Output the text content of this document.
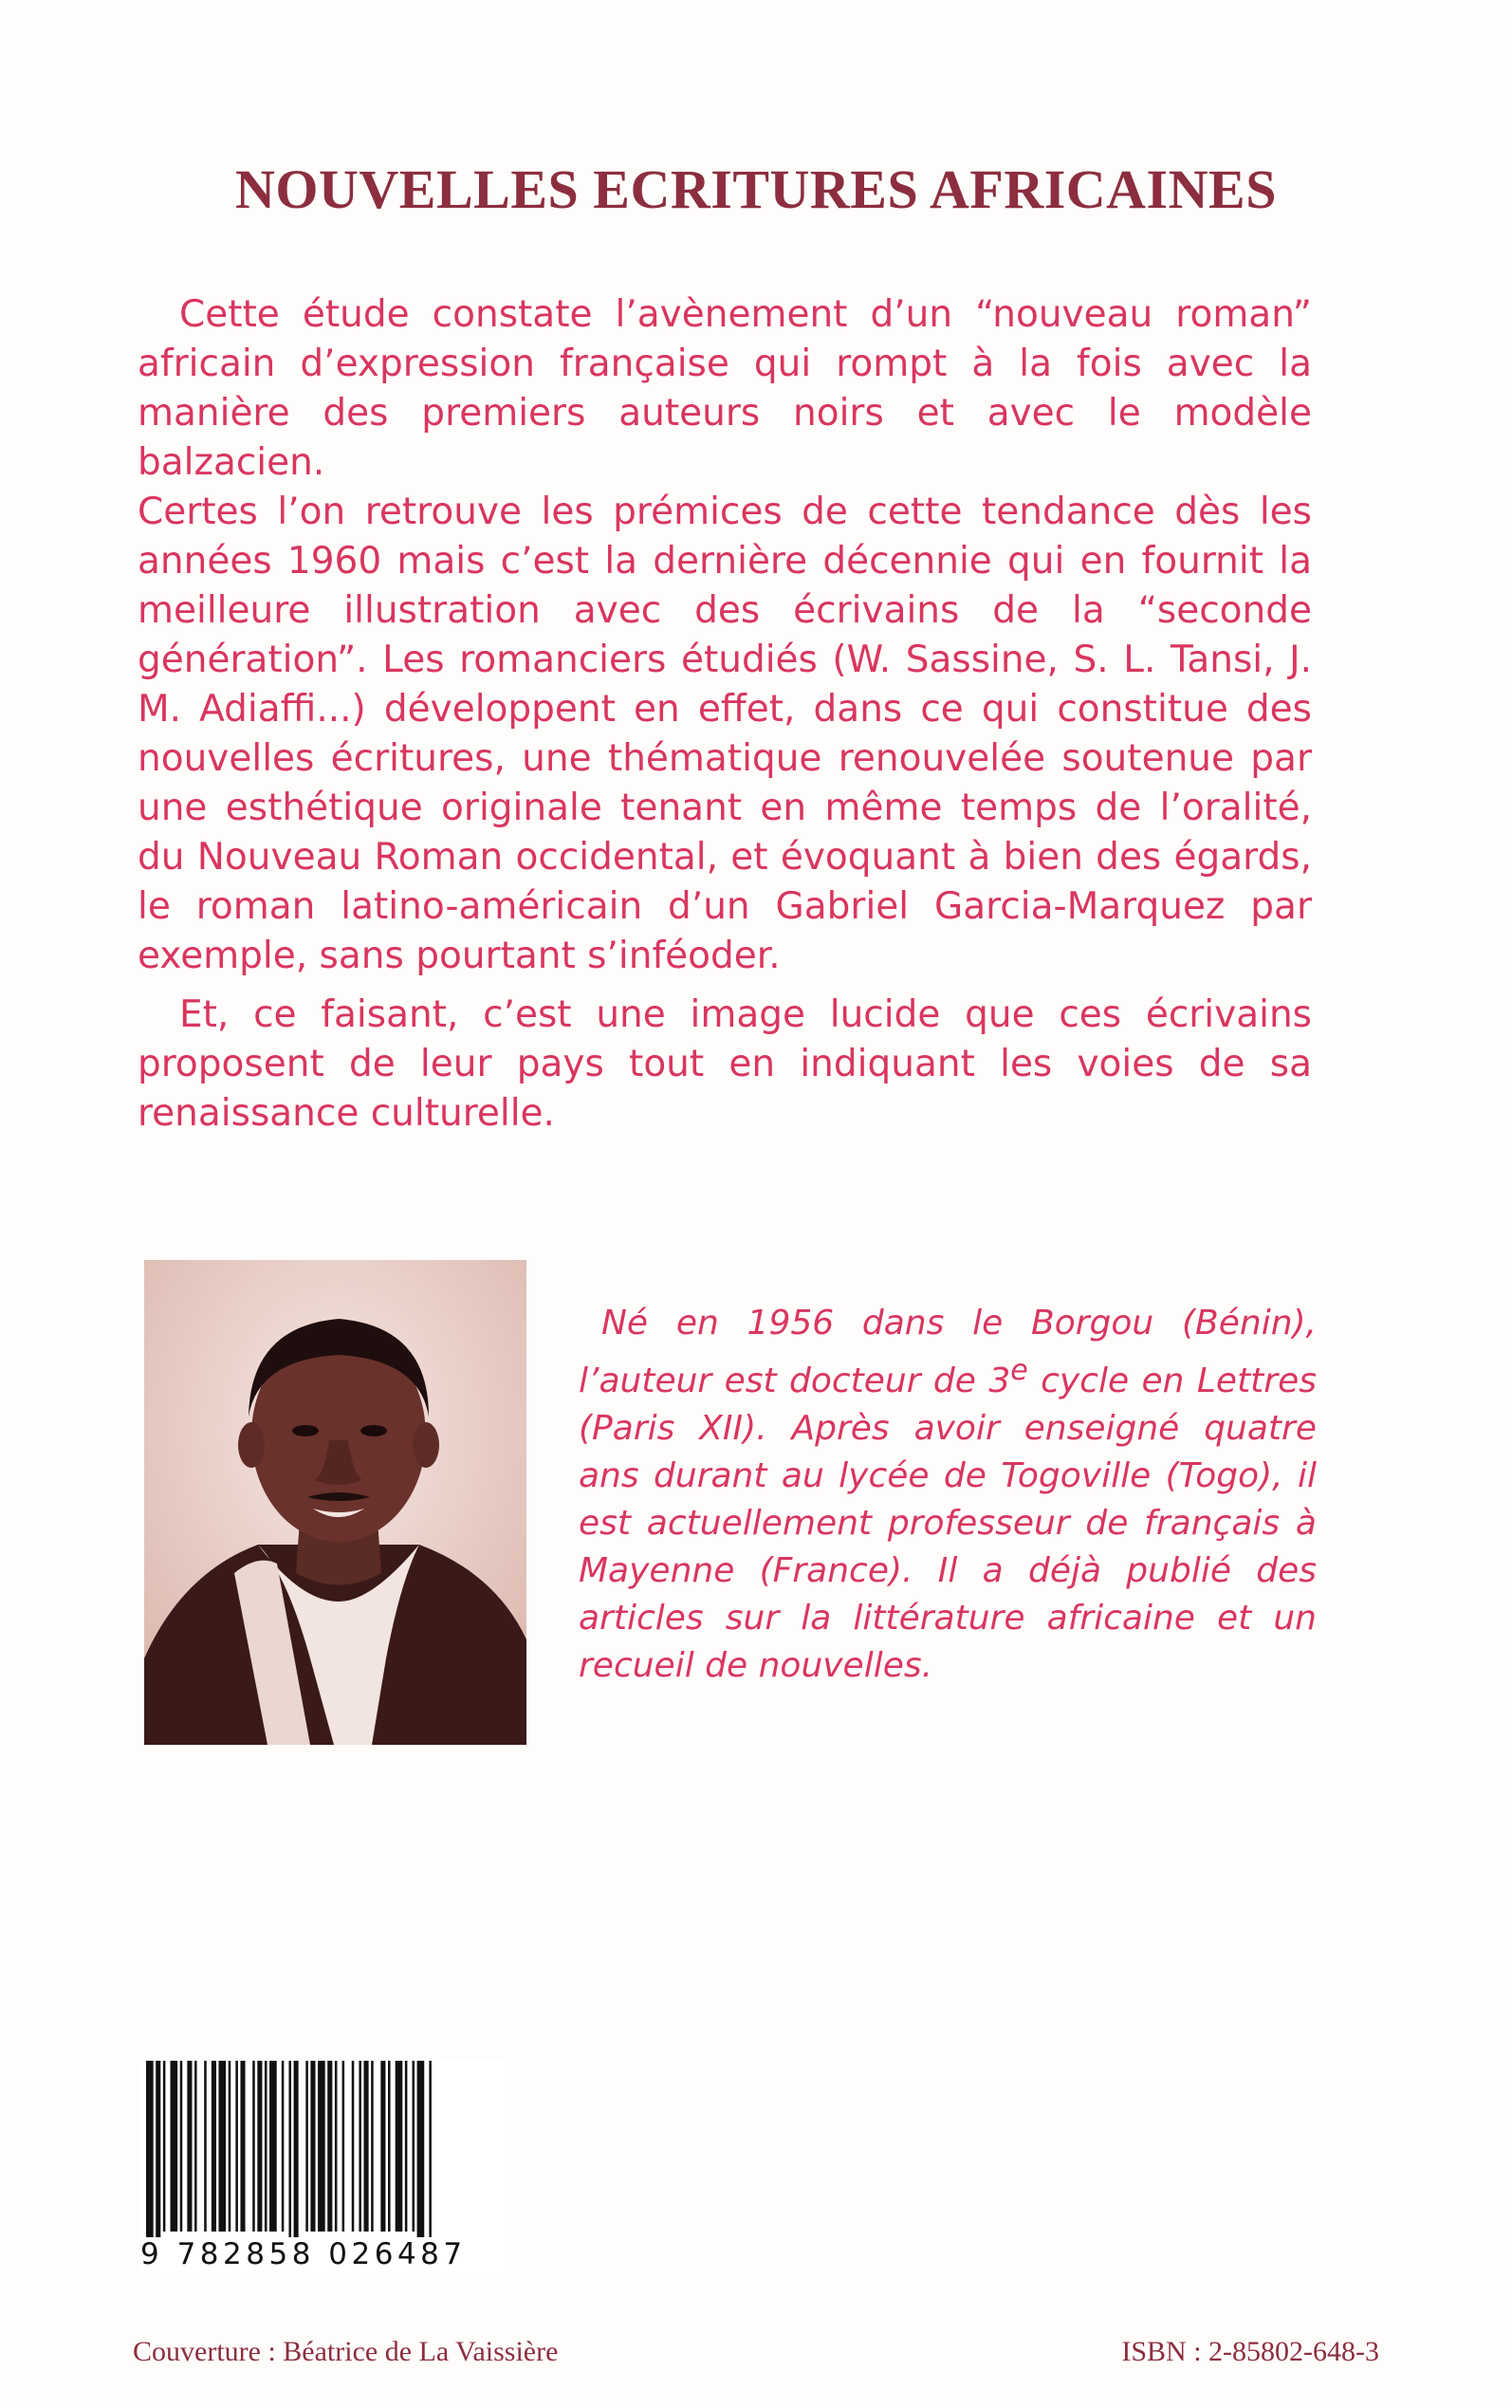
NOUVELLES ECRITURES AFRICAINES

Cette étude constate l’avènement d’un “nouveau roman” africain d’expression française qui rompt à la fois avec la manière des premiers auteurs noirs et avec le modèle balzacien.

Certes l’on retrouve les prémices de cette tendance dès les années 1960 mais c’est la dernière décennie qui en fournit la meilleure illustration avec des écrivains de la “seconde génération”. Les romanciers étudiés (W. Sassine, S. L. Tansi, J. M. Adiaffi...) développent en effet, dans ce qui constitue des nouvelles écritures, une thématique renouvelée soutenue par une esthétique originale tenant en même temps de l’oralité, du Nouveau Roman occidental, et évoquant à bien des égards, le roman latino-américain d’un Gabriel Garcia-Marquez par exemple, sans pourtant s’inféoder.

Et, ce faisant, c’est une image lucide que ces écrivains proposent de leur pays tout en indiquant les voies de sa renaissance culturelle.

Né en 1956 dans le Borgou (Bénin), l’auteur est docteur de 3e cycle en Lettres (Paris XII). Après avoir enseigné quatre ans durant au lycée de Togoville (Togo), il est actuellement professeur de français à Mayenne (France). Il a déjà publié des articles sur la littérature africaine et un recueil de nouvelles.

9 782858 026487
Couverture : Béatrice de La Vaissière	ISBN : 2-85802-648-3
